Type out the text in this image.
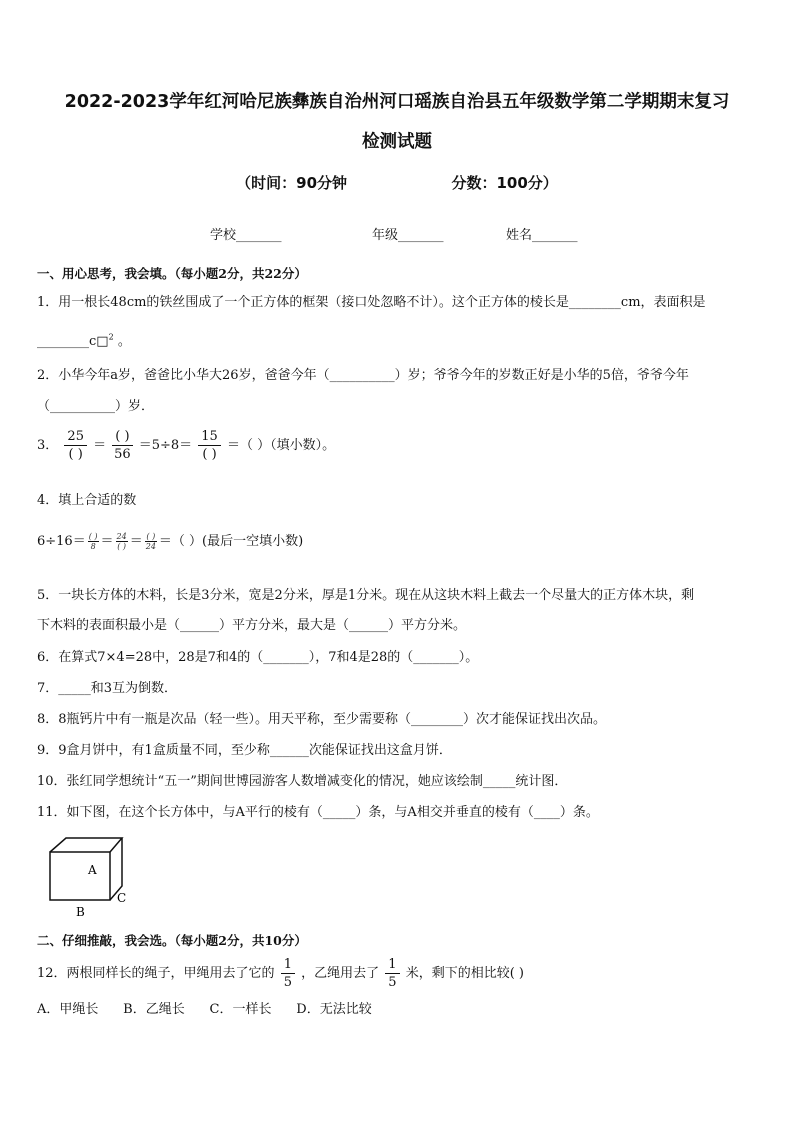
2022-2023学年红河哈尼族彝族自治州河口瑶族自治县五年级数学第二学期期末复习
检测试题
（时间：90分钟                    分数：100分）
学校_______	年级_______	姓名_______
一、用心思考，我会填。（每小题2分，共22分）
1．用一根长48cm的铁丝围成了一个正方体的框架（接口处忽略不计）。这个正方体的棱长是________cm，表面积是
________c□$^2$ 。
2．小华今年a岁，爸爸比小华大26岁，爸爸今年（__________）岁；爷爷今年的岁数正好是小华的5倍，爷爷今年
（__________）岁．
3． $\frac{25}{( )} = \frac{( )}{56} =5\div 8= \frac{15}{( )}$ ＝（ ）（填小数）。
4．填上合适的数
$6\div 16= \frac{( )}{8} = \frac{24}{( )} = \frac{( )}{24}$ ＝（ ）(最后一空填小数)
5．一块长方体的木料，长是3分米，宽是2分米，厚是1分米。现在从这块木料上截去一个尽量大的正方体木块，剩
下木料的表面积最小是（______）平方分米，最大是（______）平方分米。
6．在算式7×4=28中，28是7和4的（_______），7和4是28的（_______）。
7．_____和3互为倒数．
8．8瓶钙片中有一瓶是次品（轻一些）。用天平称，至少需要称（________）次才能保证找出次品。
9．9盒月饼中，有1盒质量不同，至少称______次能保证找出这盒月饼．
10．张红同学想统计“五一”期间世博园游客人数增减变化的情况，她应该绘制_____统计图．
11．如下图，在这个长方体中，与A平行的棱有（_____）条，与A相交并垂直的棱有（____）条。
A
B
C
二、仔细推敲，我会选。（每小题2分，共10分）
12．两根同样长的绳子，甲绳用去了它的 $\frac{1}{5}$ ，乙绳用去了 $\frac{1}{5}$ 米，剩下的相比较( )
A．甲绳长      B．乙绳长      C．一样长      D．无法比较
